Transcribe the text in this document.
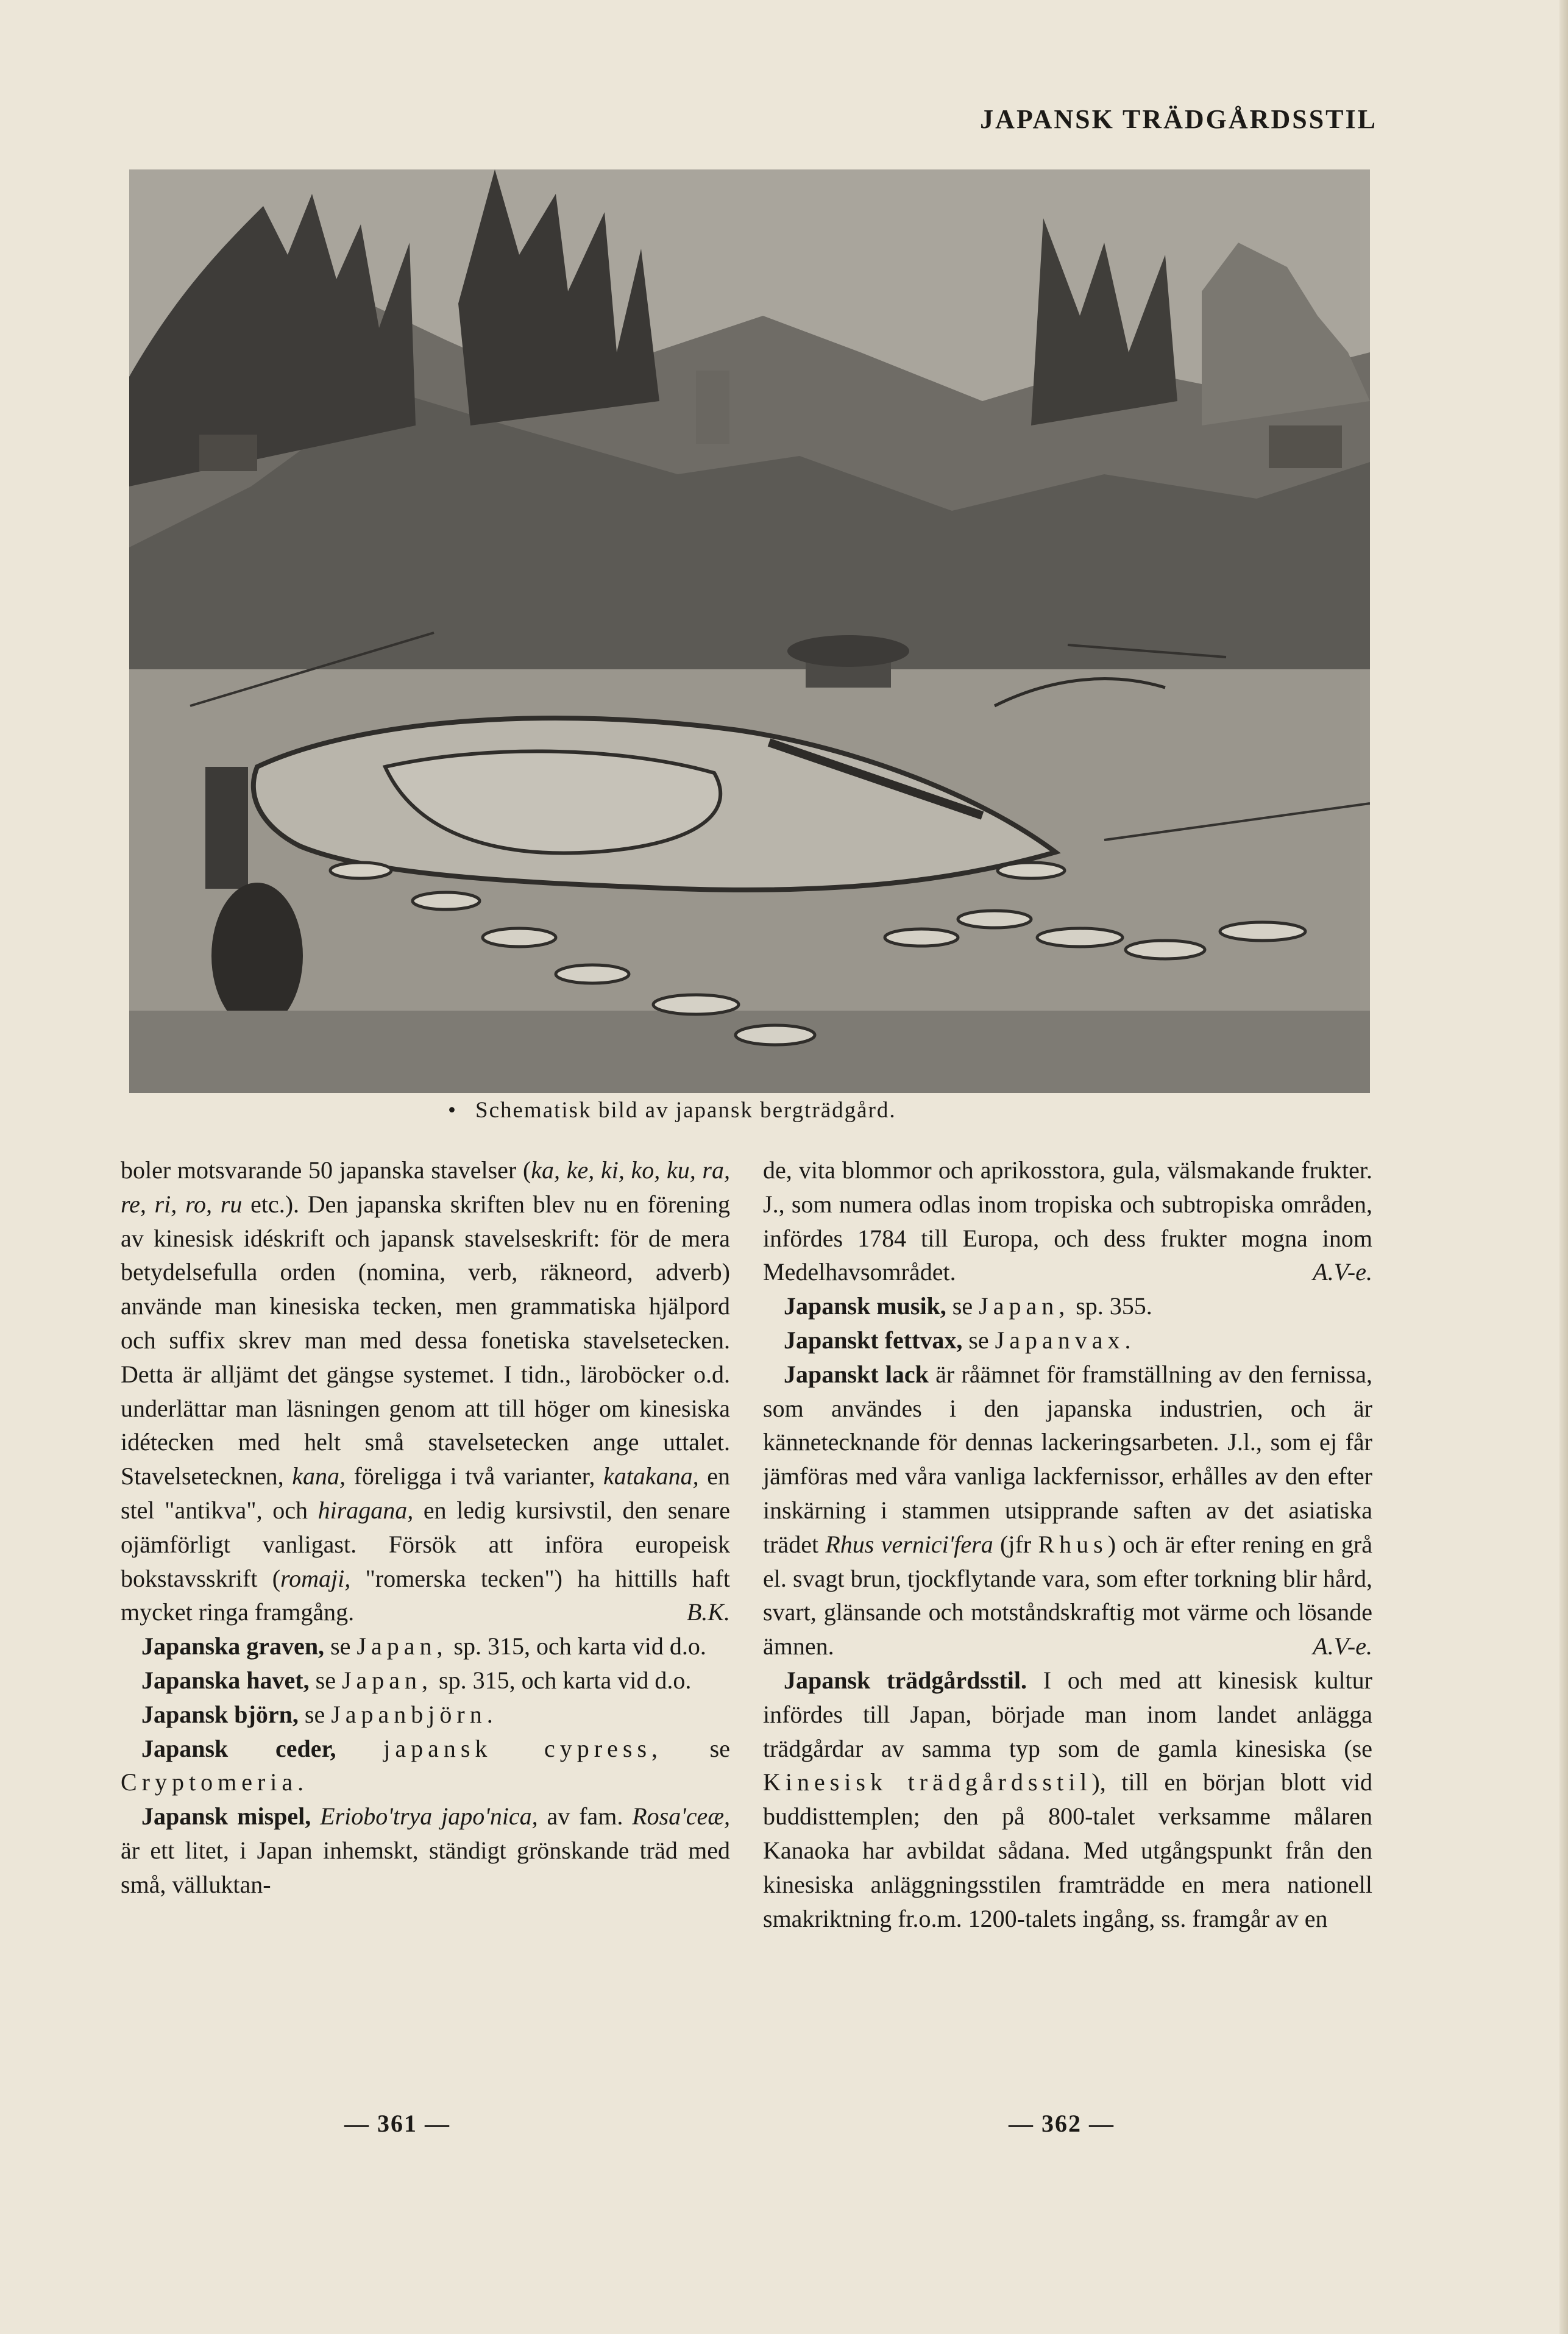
JAPANSK TRÄDGÅRDSSTIL
• Schematisk bild av japansk bergträdgård.

boler motsvarande 50 japanska stavelser (ka, ke, ki, ko, ku, ra, re, ri, ro, ru etc.). Den japanska skriften blev nu en förening av kinesisk idéskrift och japansk stavelseskrift: för de mera betydelsefulla orden (nomina, verb, räkneord, adverb) använde man kinesiska tecken, men grammatiska hjälpord och suffix skrev man med dessa fonetiska stavelsetecken. Detta är alljämt det gängse systemet. I tidn., läroböcker o.d. underlättar man läsningen genom att till höger om kinesiska idétecken med helt små stavelsetecken ange uttalet. Stavelsetecknen, kana, föreligga i två varianter, katakana, en stel "antikva", och hiragana, en ledig kursivstil, den senare ojämförligt vanligast. Försök att införa europeisk bokstavsskrift (romaji, "romerska tecken") ha hittills haft mycket ringa framgång.	B.K.

Japanska graven, se Japan, sp. 315, och karta vid d.o.

Japanska havet, se Japan, sp. 315, och karta vid d.o.

Japansk björn, se Japanbjörn.

Japansk ceder, japansk cypress, se Cryptomeria.

Japansk mispel, Eriobo'trya japo'nica, av fam. Rosa'ceæ, är ett litet, i Japan inhemskt, ständigt grönskande träd med små, välluktan-

de, vita blommor och aprikosstora, gula, välsmakande frukter. J., som numera odlas inom tropiska och subtropiska områden, infördes 1784 till Europa, och dess frukter mogna inom Medelhavsområdet.	A.V-e.

Japansk musik, se Japan, sp. 355.

Japanskt fettvax, se Japanvax.

Japanskt lack är råämnet för framställning av den fernissa, som användes i den japanska industrien, och är kännetecknande för dennas lackeringsarbeten. J.l., som ej får jämföras med våra vanliga lackfernissor, erhålles av den efter inskärning i stammen utsipprande saften av det asiatiska trädet Rhus vernici'fera (jfr Rhus) och är efter rening en grå el. svagt brun, tjockflytande vara, som efter torkning blir hård, svart, glänsande och motståndskraftig mot värme och lösande ämnen.	A.V-e.

Japansk trädgårdsstil. I och med att kinesisk kultur infördes till Japan, började man inom landet anlägga trädgårdar av samma typ som de gamla kinesiska (se Kinesisk trädgårdsstil), till en början blott vid buddisttemplen; den på 800-talet verksamme målaren Kanaoka har avbildat sådana. Med utgångspunkt från den kinesiska anläggningsstilen framträdde en mera nationell smakriktning fr.o.m. 1200-talets ingång, ss. framgår av en

— 361 —	— 362 —
